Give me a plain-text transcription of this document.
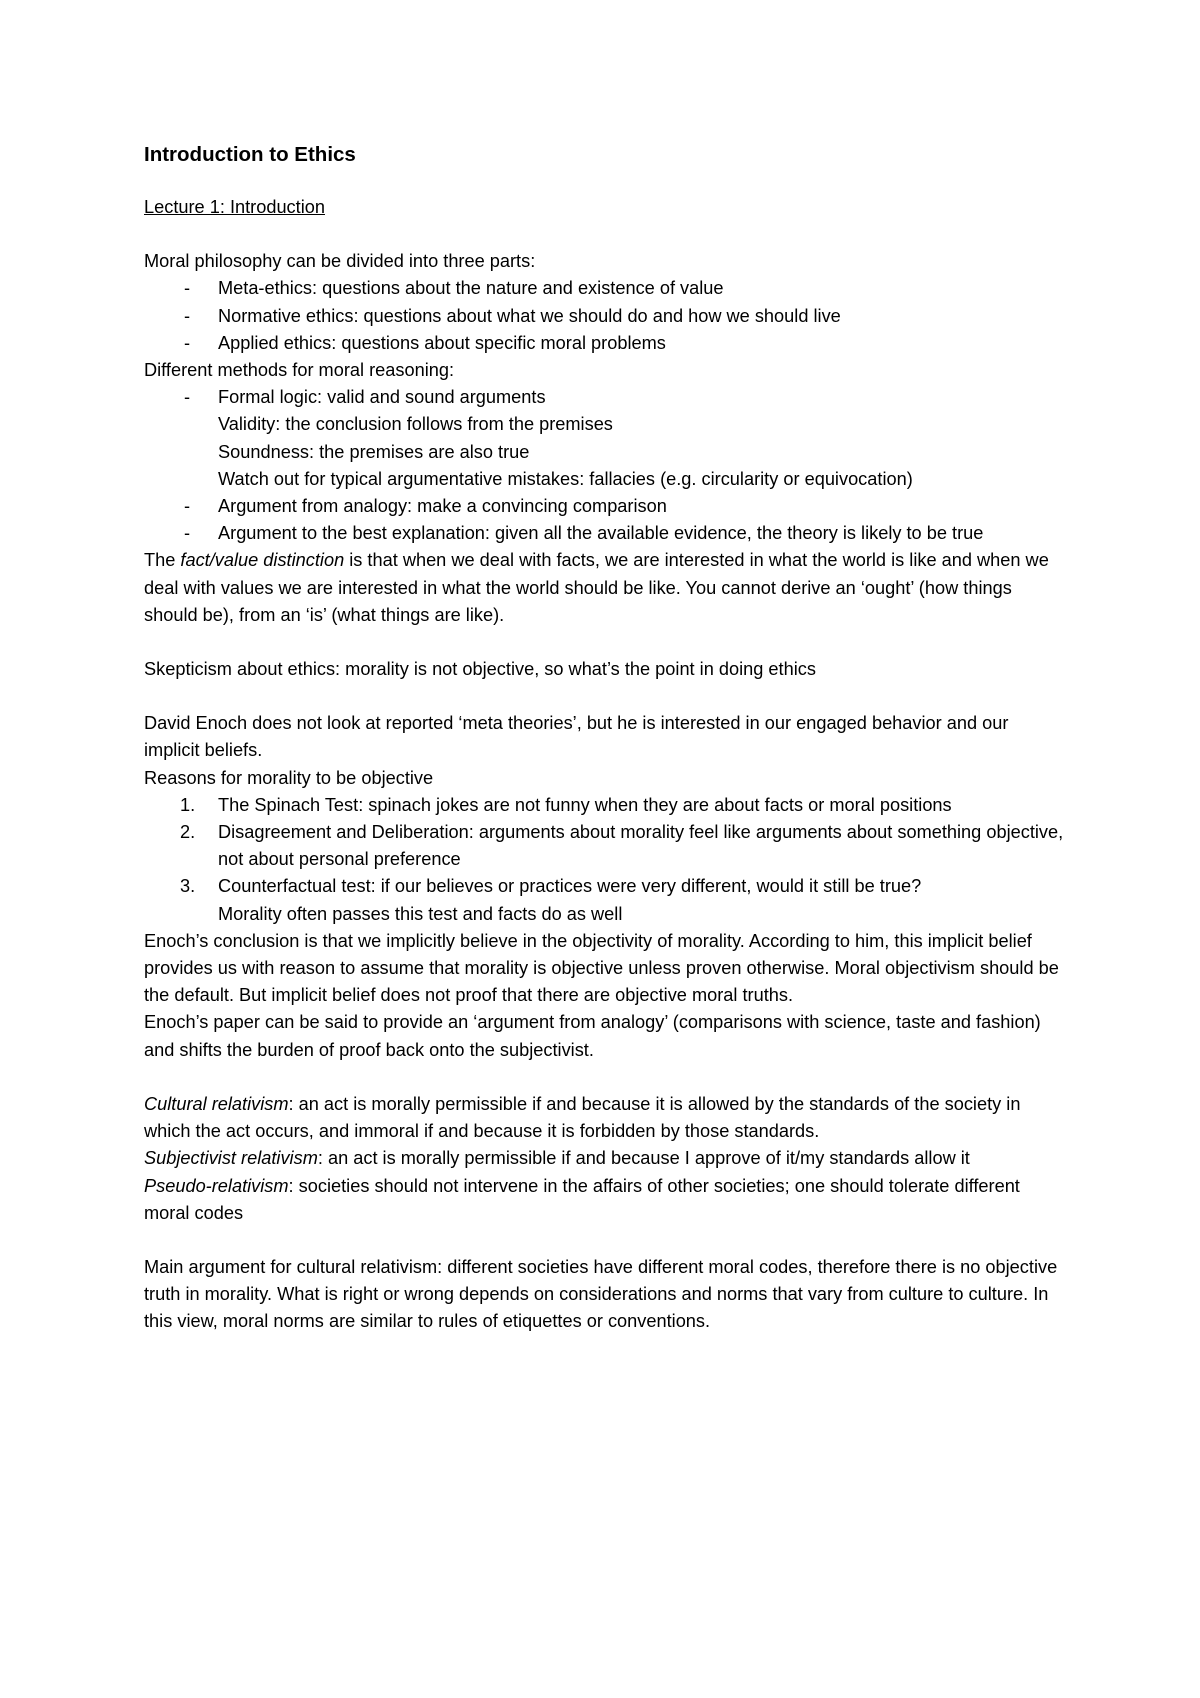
Introduction to Ethics
Lecture 1: Introduction

Moral philosophy can be divided into three parts:

- Meta-ethics: questions about the nature and existence of value
- Normative ethics: questions about what we should do and how we should live
- Applied ethics: questions about specific moral problems

Different methods for moral reasoning:

- Formal logic: valid and sound arguments
Validity: the conclusion follows from the premises
Soundness: the premises are also true
Watch out for typical argumentative mistakes: fallacies (e.g. circularity or equivocation)
- Argument from analogy: make a convincing comparison
- Argument to the best explanation: given all the available evidence, the theory is likely to be true

The fact/value distinction is that when we deal with facts, we are interested in what the world is like and when we deal with values we are interested in what the world should be like. You cannot derive an ‘ought’ (how things should be), from an ‘is’ (what things are like).

Skepticism about ethics: morality is not objective, so what’s the point in doing ethics

David Enoch does not look at reported ‘meta theories’, but he is interested in our engaged behavior and our implicit beliefs.

Reasons for morality to be objective

1. The Spinach Test: spinach jokes are not funny when they are about facts or moral positions
2. Disagreement and Deliberation: arguments about morality feel like arguments about something objective, not about personal preference
3. Counterfactual test: if our believes or practices were very different, would it still be true?
Morality often passes this test and facts do as well

Enoch’s conclusion is that we implicitly believe in the objectivity of morality. According to him, this implicit belief provides us with reason to assume that morality is objective unless proven otherwise. Moral objectivism should be the default. But implicit belief does not proof that there are objective moral truths.

Enoch’s paper can be said to provide an ‘argument from analogy’ (comparisons with science, taste and fashion) and shifts the burden of proof back onto the subjectivist.

Cultural relativism: an act is morally permissible if and because it is allowed by the standards of the society in which the act occurs, and immoral if and because it is forbidden by those standards.

Subjectivist relativism: an act is morally permissible if and because I approve of it/my standards allow it

Pseudo-relativism: societies should not intervene in the affairs of other societies; one should tolerate different moral codes

Main argument for cultural relativism: different societies have different moral codes, therefore there is no objective truth in morality. What is right or wrong depends on considerations and norms that vary from culture to culture. In this view, moral norms are similar to rules of etiquettes or conventions.
